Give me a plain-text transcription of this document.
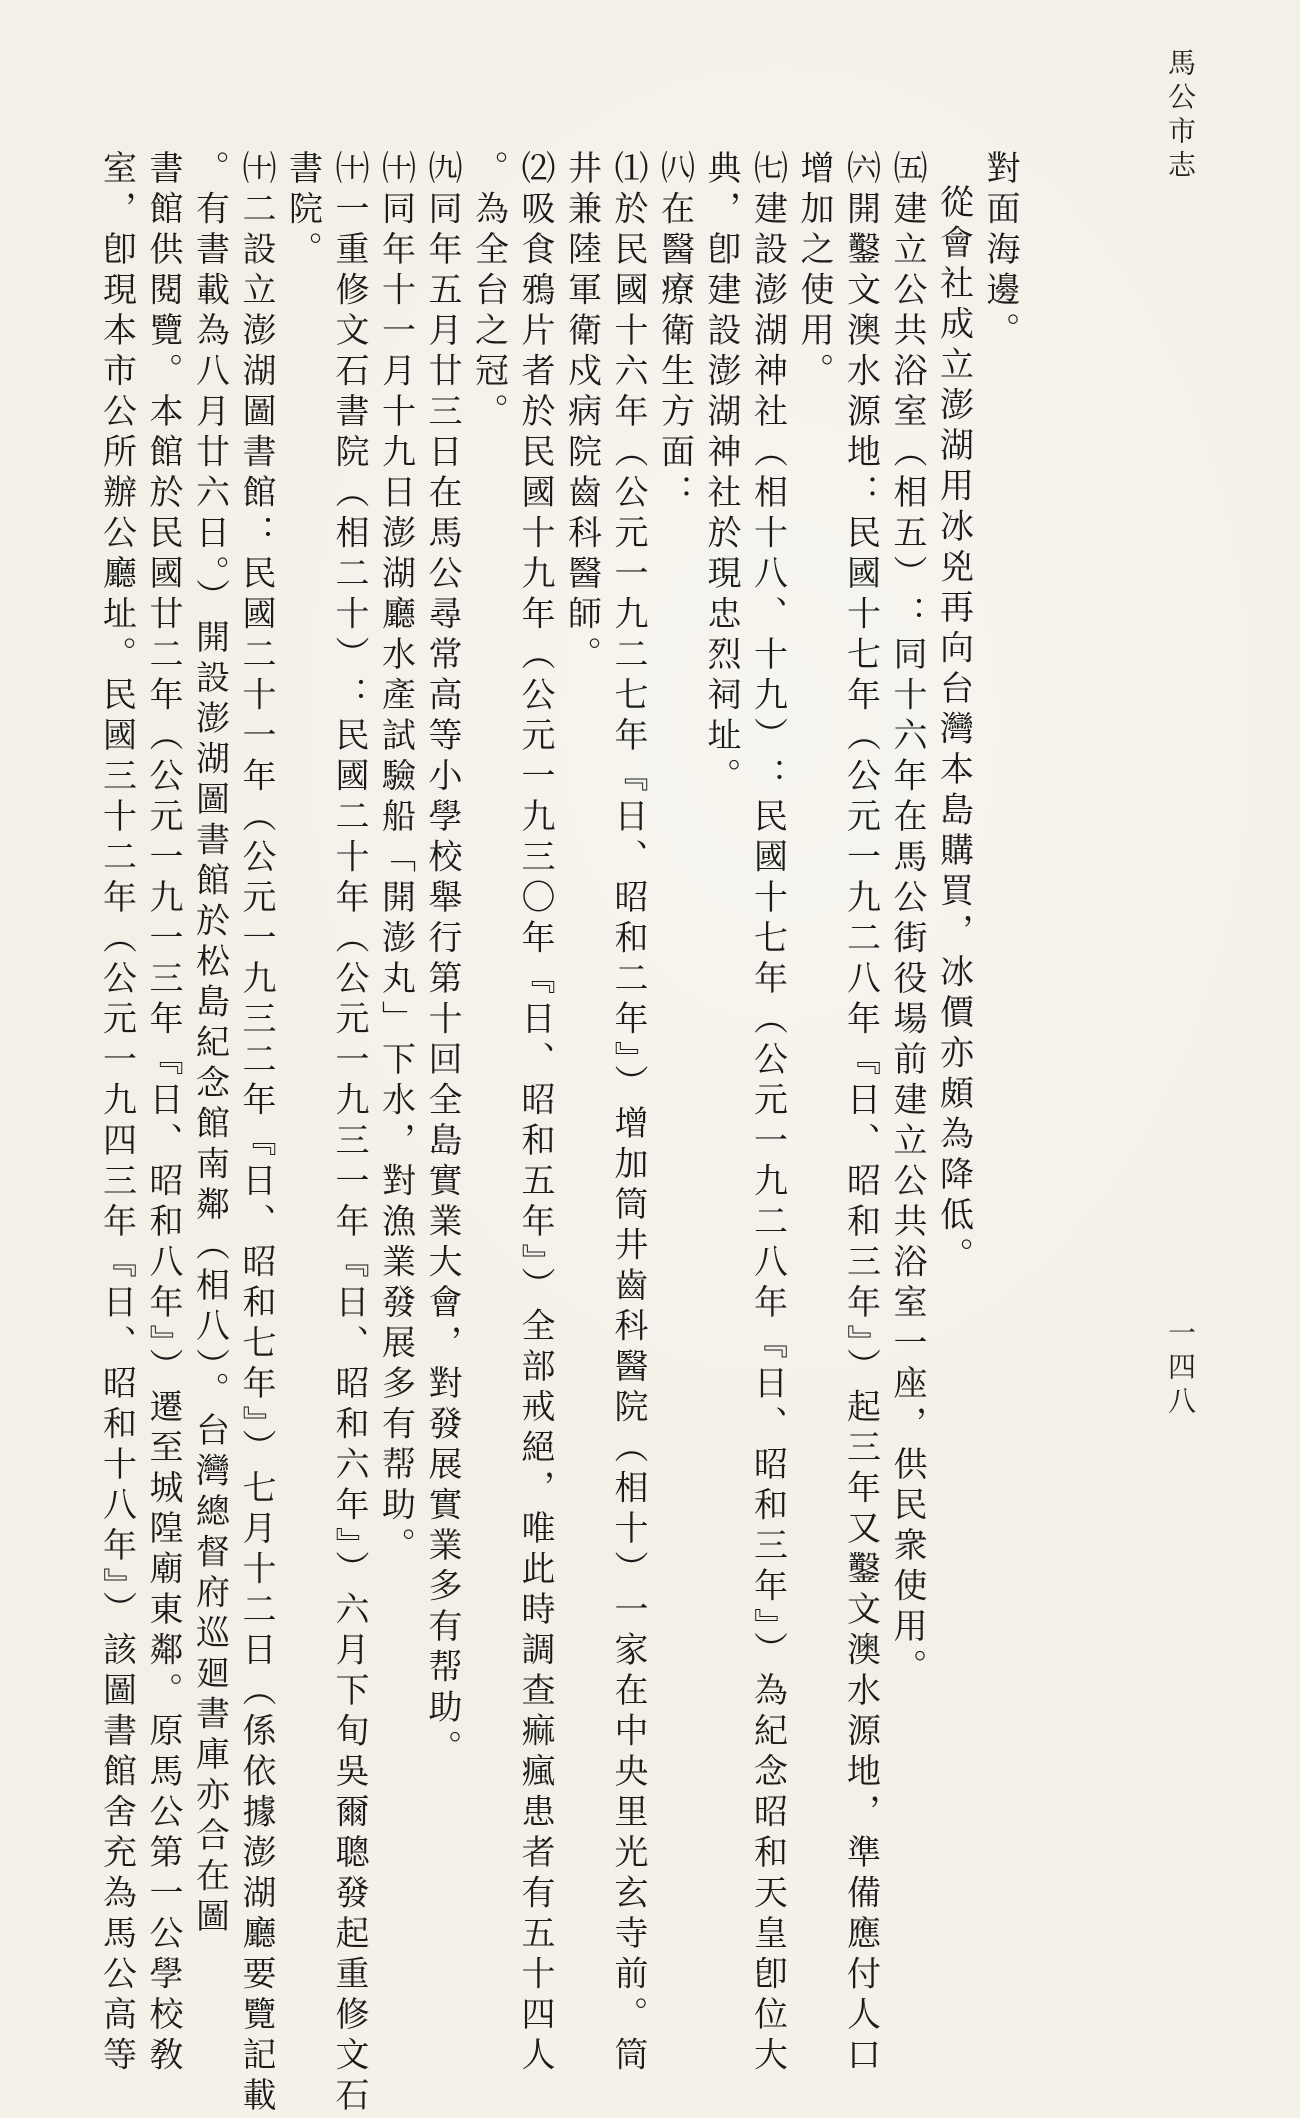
馬公市志
一四八
對面海邊。
從會社成立澎湖用冰兇再向台灣本島購買，冰價亦頗為降低。
㈤建立公共浴室（相五）：同十六年在馬公街役場前建立公共浴室一座，供民衆使用。
㈥開鑿文澳水源地：民國十七年（公元一九二八年『日、昭和三年』）起三年又鑿文澳水源地，準備應付人口
增加之使用。
㈦建設澎湖神社（相十八、十九）：民國十七年（公元一九二八年『日、昭和三年』）為紀念昭和天皇卽位大
典，卽建設澎湖神社於現忠烈祠址。
㈧在醫療衛生方面：
⑴於民國十六年（公元一九二七年『日、昭和二年』）增加筒井齒科醫院（相十）一家在中央里光玄寺前。筒
井兼陸軍衛戍病院齒科醫師。
⑵吸食鴉片者於民國十九年（公元一九三〇年『日、昭和五年』）全部戒絕，唯此時調查痲瘋患者有五十四人
。為全台之冠。
㈨同年五月廿三日在馬公尋常高等小學校舉行第十回全島實業大會，對發展實業多有帮助。
㈩同年十一月十九日澎湖廳水產試驗船「開澎丸」下水，對漁業發展多有帮助。
㈩一重修文石書院（相二十）：民國二十年（公元一九三一年『日、昭和六年』）六月下旬吳爾聰發起重修文石
書院。
㈩二設立澎湖圖書館：民國二十一年（公元一九三二年『日、昭和七年』）七月十二日（係依據澎湖廳要覽記載
。有書載為八月廿六日。）開設澎湖圖書館於松島紀念館南鄰（相八）。台灣總督府巡廻書庫亦合在圖
書館供閱覽。本館於民國廿二年（公元一九一三年『日、昭和八年』）遷至城隍廟東鄰。原馬公第一公學校敎
室，卽現本市公所辦公廳址。民國三十二年（公元一九四三年『日、昭和十八年』）該圖書館舍充為馬公高等
